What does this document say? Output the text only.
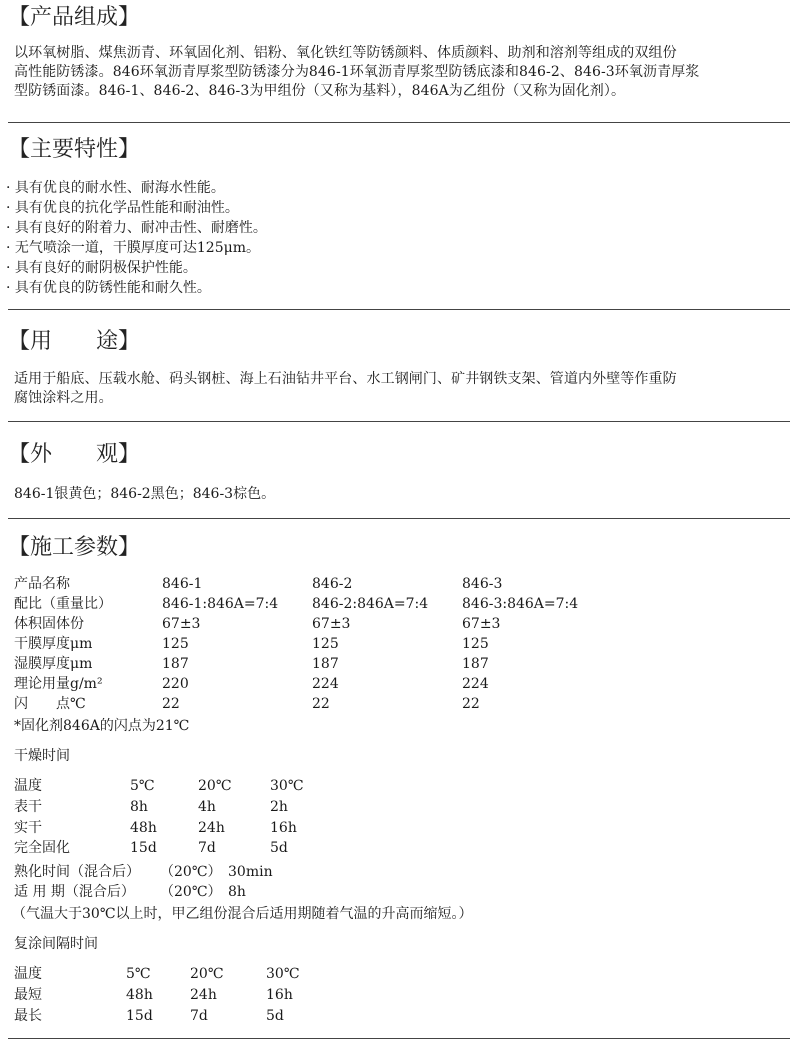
【产品组成】
以环氧树脂、煤焦沥青、环氧固化剂、铝粉、氧化铁红等防锈颜料、体质颜料、助剂和溶剂等组成的双组份
高性能防锈漆。846环氧沥青厚浆型防锈漆分为846-1环氧沥青厚浆型防锈底漆和846-2、846-3环氧沥青厚浆
型防锈面漆。846-1、846-2、846-3为甲组份（又称为基料），846A为乙组份（又称为固化剂）。
【主要特性】
· 具有优良的耐水性、耐海水性能。
· 具有优良的抗化学品性能和耐油性。
· 具有良好的附着力、耐冲击性、耐磨性。
· 无气喷涂一道，干膜厚度可达125μm。
· 具有良好的耐阴极保护性能。
· 具有优良的防锈性能和耐久性。
【用　　途】
适用于船底、压载水舱、码头钢桩、海上石油钻井平台、水工钢闸门、矿井钢铁支架、管道内外壁等作重防
腐蚀涂料之用。
【外　　观】
846-1银黄色；846-2黑色；846-3棕色。
【施工参数】
产品名称	846-1	846-2	846-3
配比（重量比）	846-1:846A=7:4 846-2:846A=7:4 846-3:846A=7:4
体积固体份	67±3	67±3	67±3
干膜厚度μm	125	125	125
湿膜厚度μm	187	187	187
理论用量g/m²	220	224	224
闪　　点℃	22	22	22
*固化剂846A的闪点为21℃
干燥时间
温度	5℃	20℃	30℃
表干	8h	4h	2h
实干	48h	24h	16h
完全固化	15d	7d	5d
熟化时间（混合后） （20℃） 30min
适 用 期（混合后） （20℃） 8h
（气温大于30℃以上时，甲乙组份混合后适用期随着气温的升高而缩短。）
复涂间隔时间
温度	5℃	20℃	30℃
最短	48h	24h	16h
最长	15d	7d	5d
